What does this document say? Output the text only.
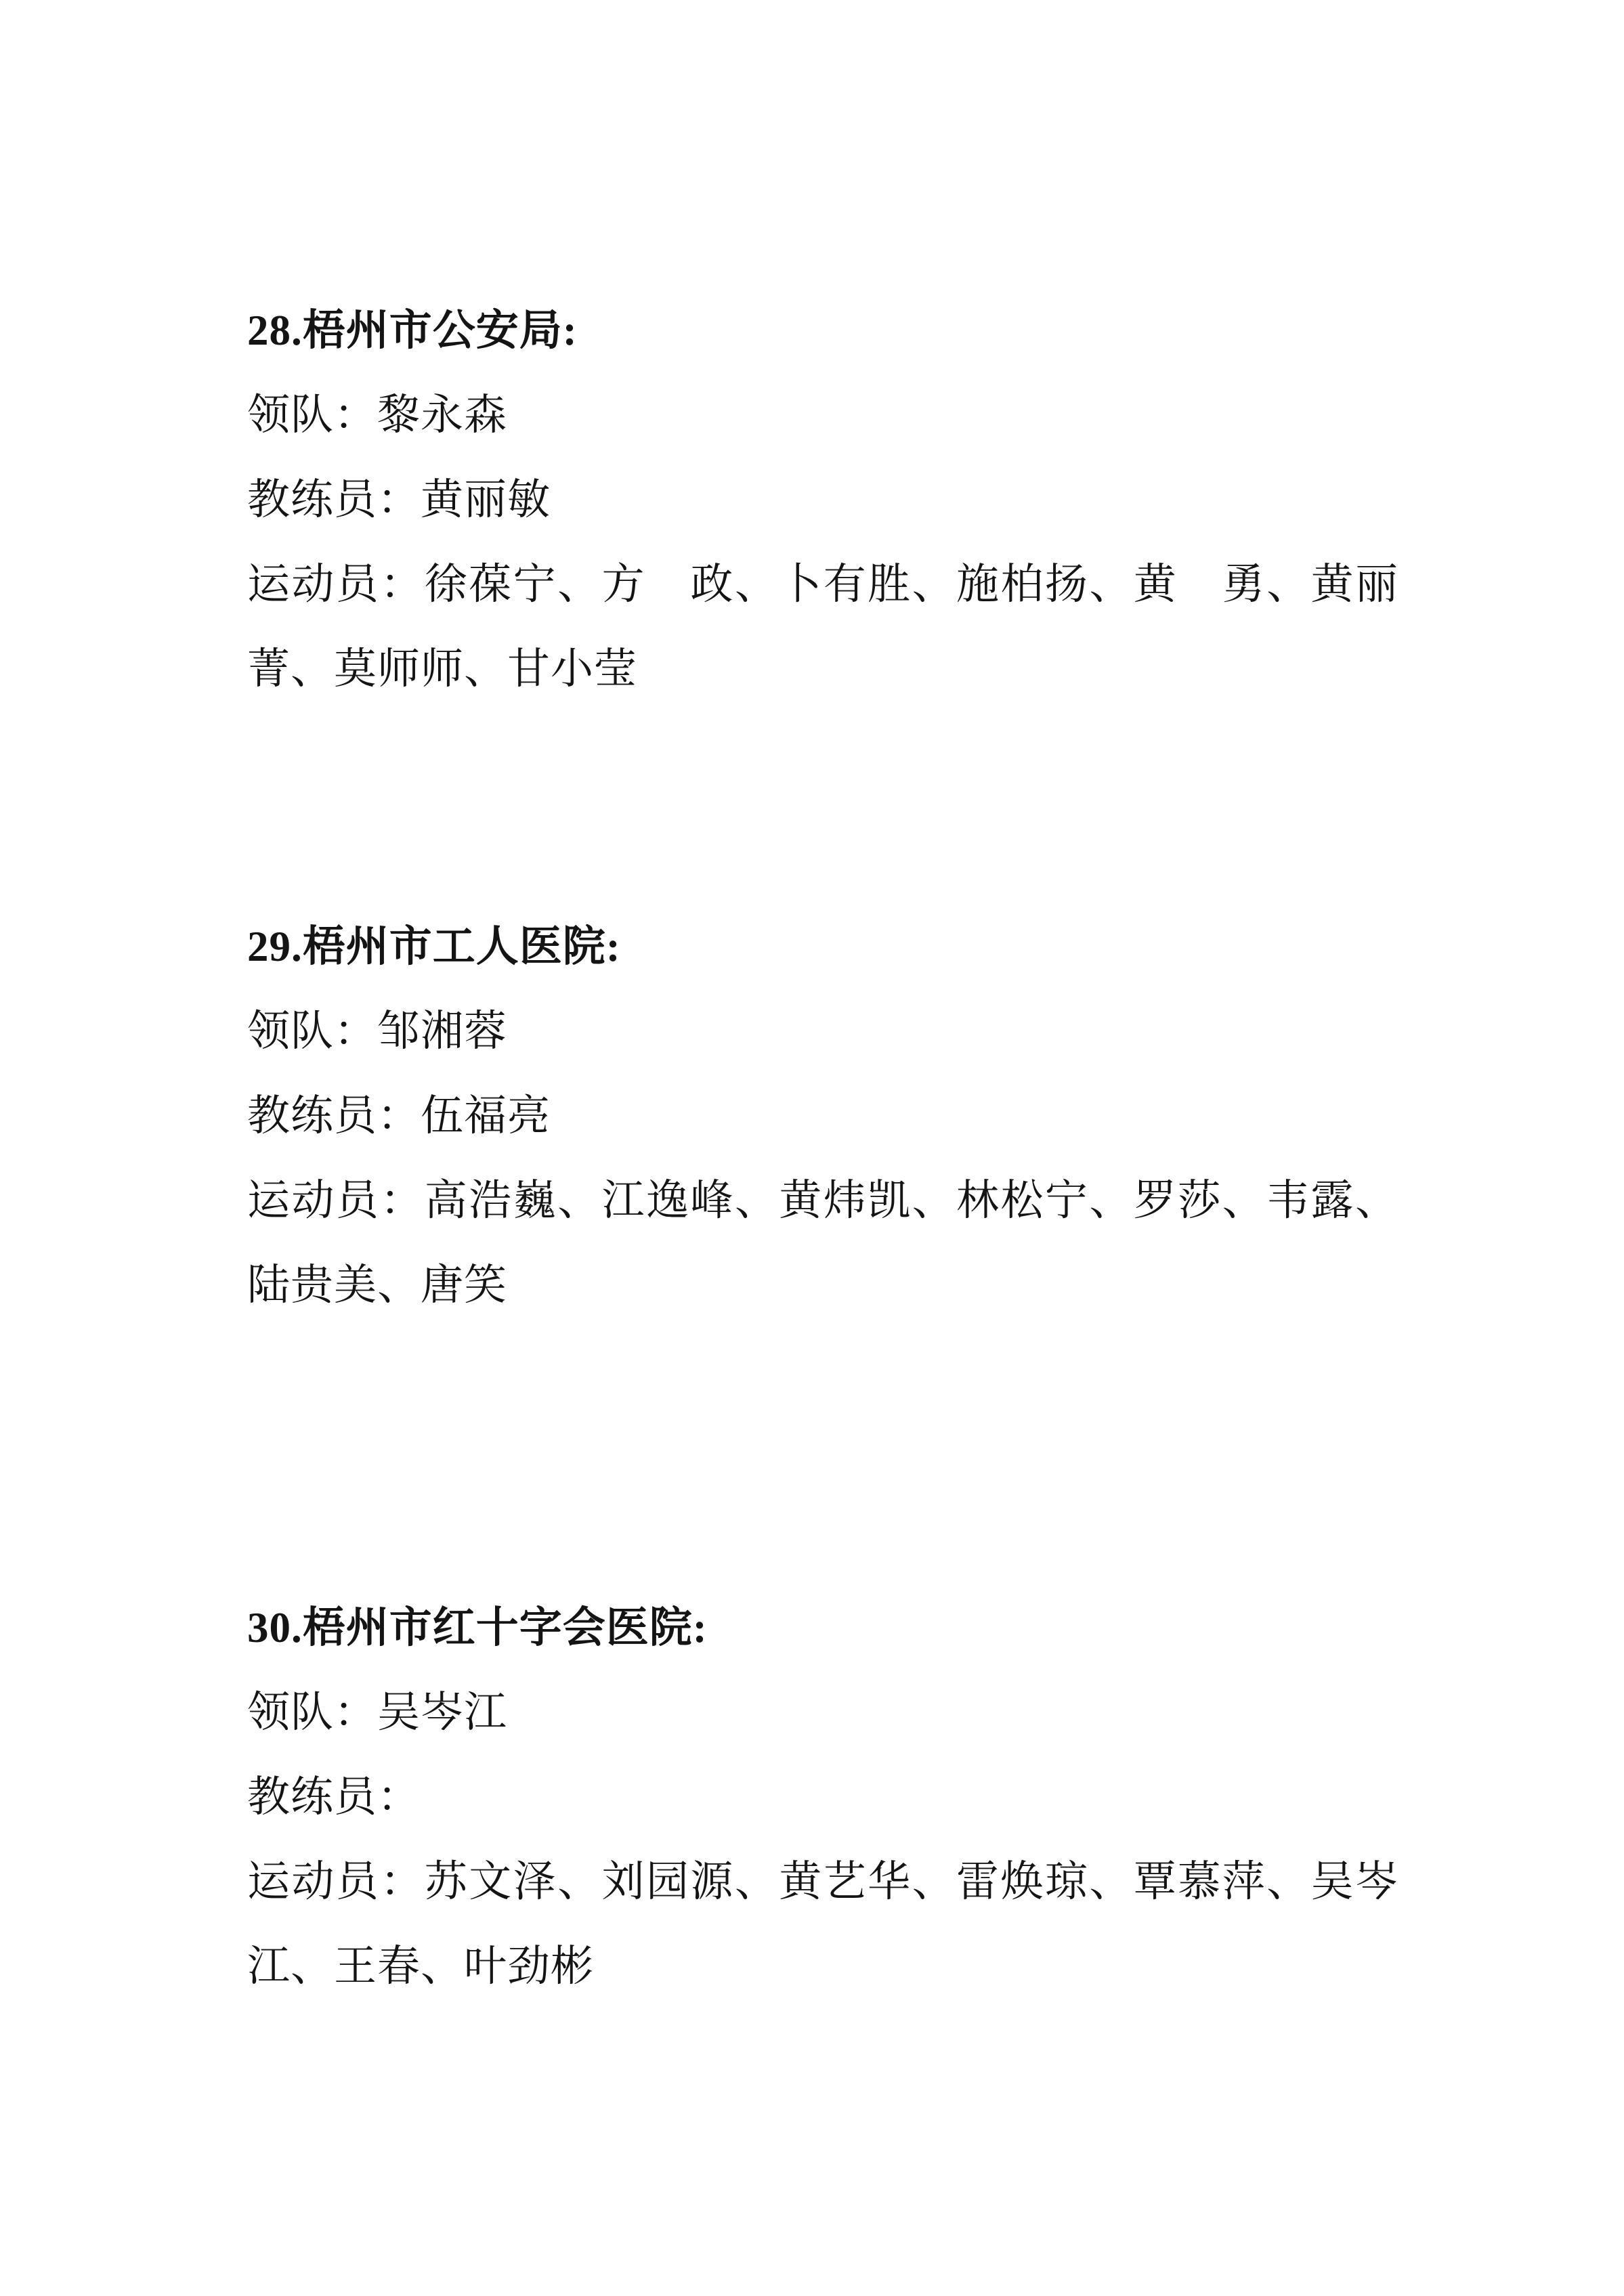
28.梧州市公安局:

领队：黎永森

教练员：黄丽敏

运动员：徐葆宁、方　政、卜有胜、施柏扬、黄　勇、黄丽

菁、莫师师、甘小莹

29.梧州市工人医院:

领队：邹湘蓉

教练员：伍福亮

运动员：高浩巍、江逸峰、黄炜凯、林松宁、罗莎、韦露、

陆贵美、唐笑

30.梧州市红十字会医院:

领队：吴岑江

教练员：

运动员：苏文泽、刘园源、黄艺华、雷焕琼、覃慕萍、吴岑

江、王春、叶劲彬
